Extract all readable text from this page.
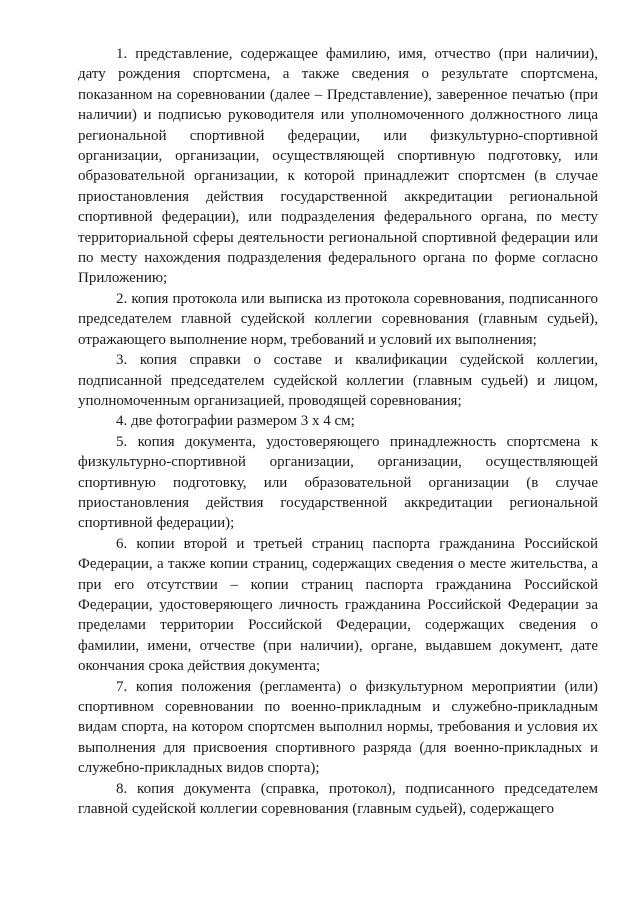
1. представление, содержащее фамилию, имя, отчество (при наличии), дату рождения спортсмена, а также сведения о результате спортсмена, показанном на соревновании (далее – Представление), заверенное печатью (при наличии) и подписью руководителя или уполномоченного должностного лица региональной спортивной федерации, или физкультурно-спортивной организации, организации, осуществляющей спортивную подготовку, или образовательной организации, к которой принадлежит спортсмен (в случае приостановления действия государственной аккредитации региональной спортивной федерации), или подразделения федерального органа, по месту территориальной сферы деятельности региональной спортивной федерации или по месту нахождения подразделения федерального органа по форме согласно Приложению;

2. копия протокола или выписка из протокола соревнования, подписанного председателем главной судейской коллегии соревнования (главным судьей), отражающего выполнение норм, требований и условий их выполнения;

3. копия справки о составе и квалификации судейской коллегии, подписанной председателем судейской коллегии (главным судьей) и лицом, уполномоченным организацией, проводящей соревнования;

4. две фотографии размером 3 х 4 см;

5. копия документа, удостоверяющего принадлежность спортсмена к физкультурно-спортивной организации, организации, осуществляющей спортивную подготовку, или образовательной организации (в случае приостановления действия государственной аккредитации региональной спортивной федерации);

6. копии второй и третьей страниц паспорта гражданина Российской Федерации, а также копии страниц, содержащих сведения о месте жительства, а при его отсутствии – копии страниц паспорта гражданина Российской Федерации, удостоверяющего личность гражданина Российской Федерации за пределами территории Российской Федерации, содержащих сведения о фамилии, имени, отчестве (при наличии), органе, выдавшем документ, дате окончания срока действия документа;

7. копия положения (регламента) о физкультурном мероприятии (или) спортивном соревновании по военно-прикладным и служебно-прикладным видам спорта, на котором спортсмен выполнил нормы, требования и условия их выполнения для присвоения спортивного разряда (для военно-прикладных и служебно-прикладных видов спорта);

8. копия документа (справка, протокол), подписанного председателем главной судейской коллегии соревнования (главным судьей), содержащего
